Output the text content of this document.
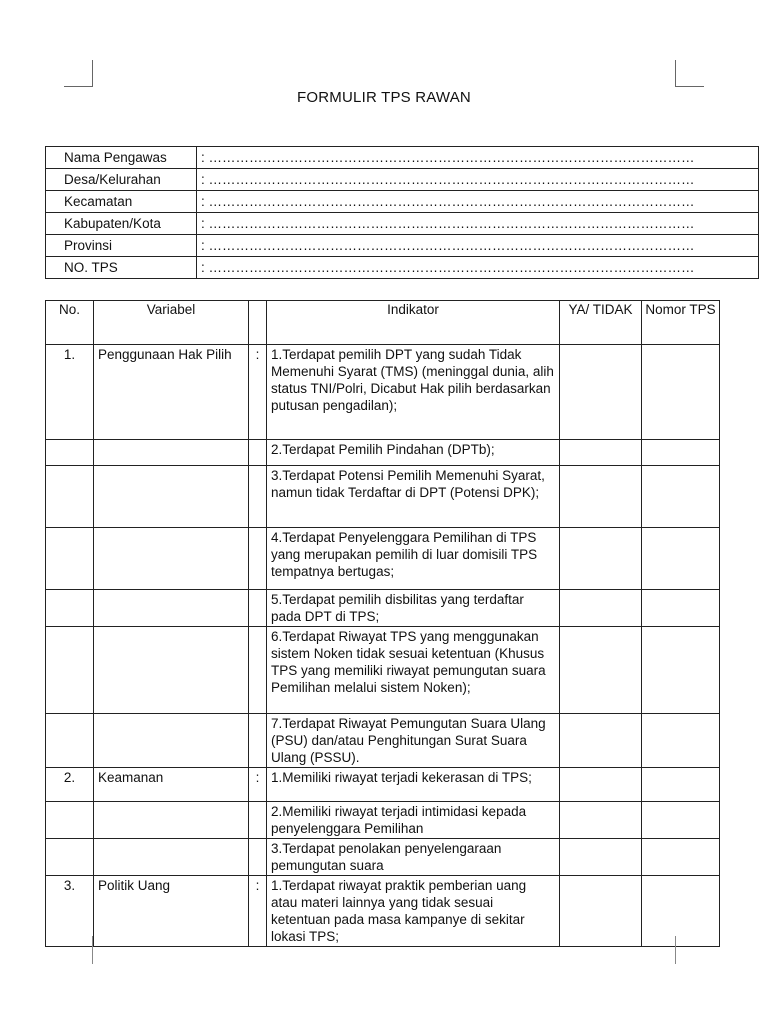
FORMULIR TPS RAWAN
Nama Pengawas	: ………………………………………………………………………………………………
Desa/Kelurahan	: ………………………………………………………………………………………………
Kecamatan	: ………………………………………………………………………………………………
Kabupaten/Kota	: ………………………………………………………………………………………………
Provinsi	: ………………………………………………………………………………………………
NO. TPS	: ………………………………………………………………………………………………
No.	Variabel		Indikator	YA/ TIDAK	Nomor TPS
1.	Penggunaan Hak Pilih	:	1.Terdapat pemilih DPT yang sudah Tidak Memenuhi Syarat (TMS) (meninggal dunia, alih status TNI/Polri, Dicabut Hak pilih berdasarkan putusan pengadilan);		
			2.Terdapat Pemilih Pindahan (DPTb);		
			3.Terdapat Potensi Pemilih Memenuhi Syarat, namun tidak Terdaftar di DPT (Potensi DPK);		
			4.Terdapat Penyelenggara Pemilihan di TPS yang merupakan pemilih di luar domisili TPS tempatnya bertugas;		
			5.Terdapat pemilih disbilitas yang terdaftar pada DPT di TPS;		
			6.Terdapat Riwayat TPS yang menggunakan sistem Noken tidak sesuai ketentuan (Khusus TPS yang memiliki riwayat pemungutan suara Pemilihan melalui sistem Noken);		
			7.Terdapat Riwayat Pemungutan Suara Ulang (PSU) dan/atau Penghitungan Surat Suara Ulang (PSSU).		
2.	Keamanan	:	1.Memiliki riwayat terjadi kekerasan di TPS;		
			2.Memiliki riwayat terjadi intimidasi kepada penyelenggara Pemilihan		
			3.Terdapat penolakan penyelengaraan pemungutan suara		
3.	Politik Uang	:	1.Terdapat riwayat praktik pemberian uang atau materi lainnya yang tidak sesuai ketentuan pada masa kampanye di sekitar lokasi TPS;		
